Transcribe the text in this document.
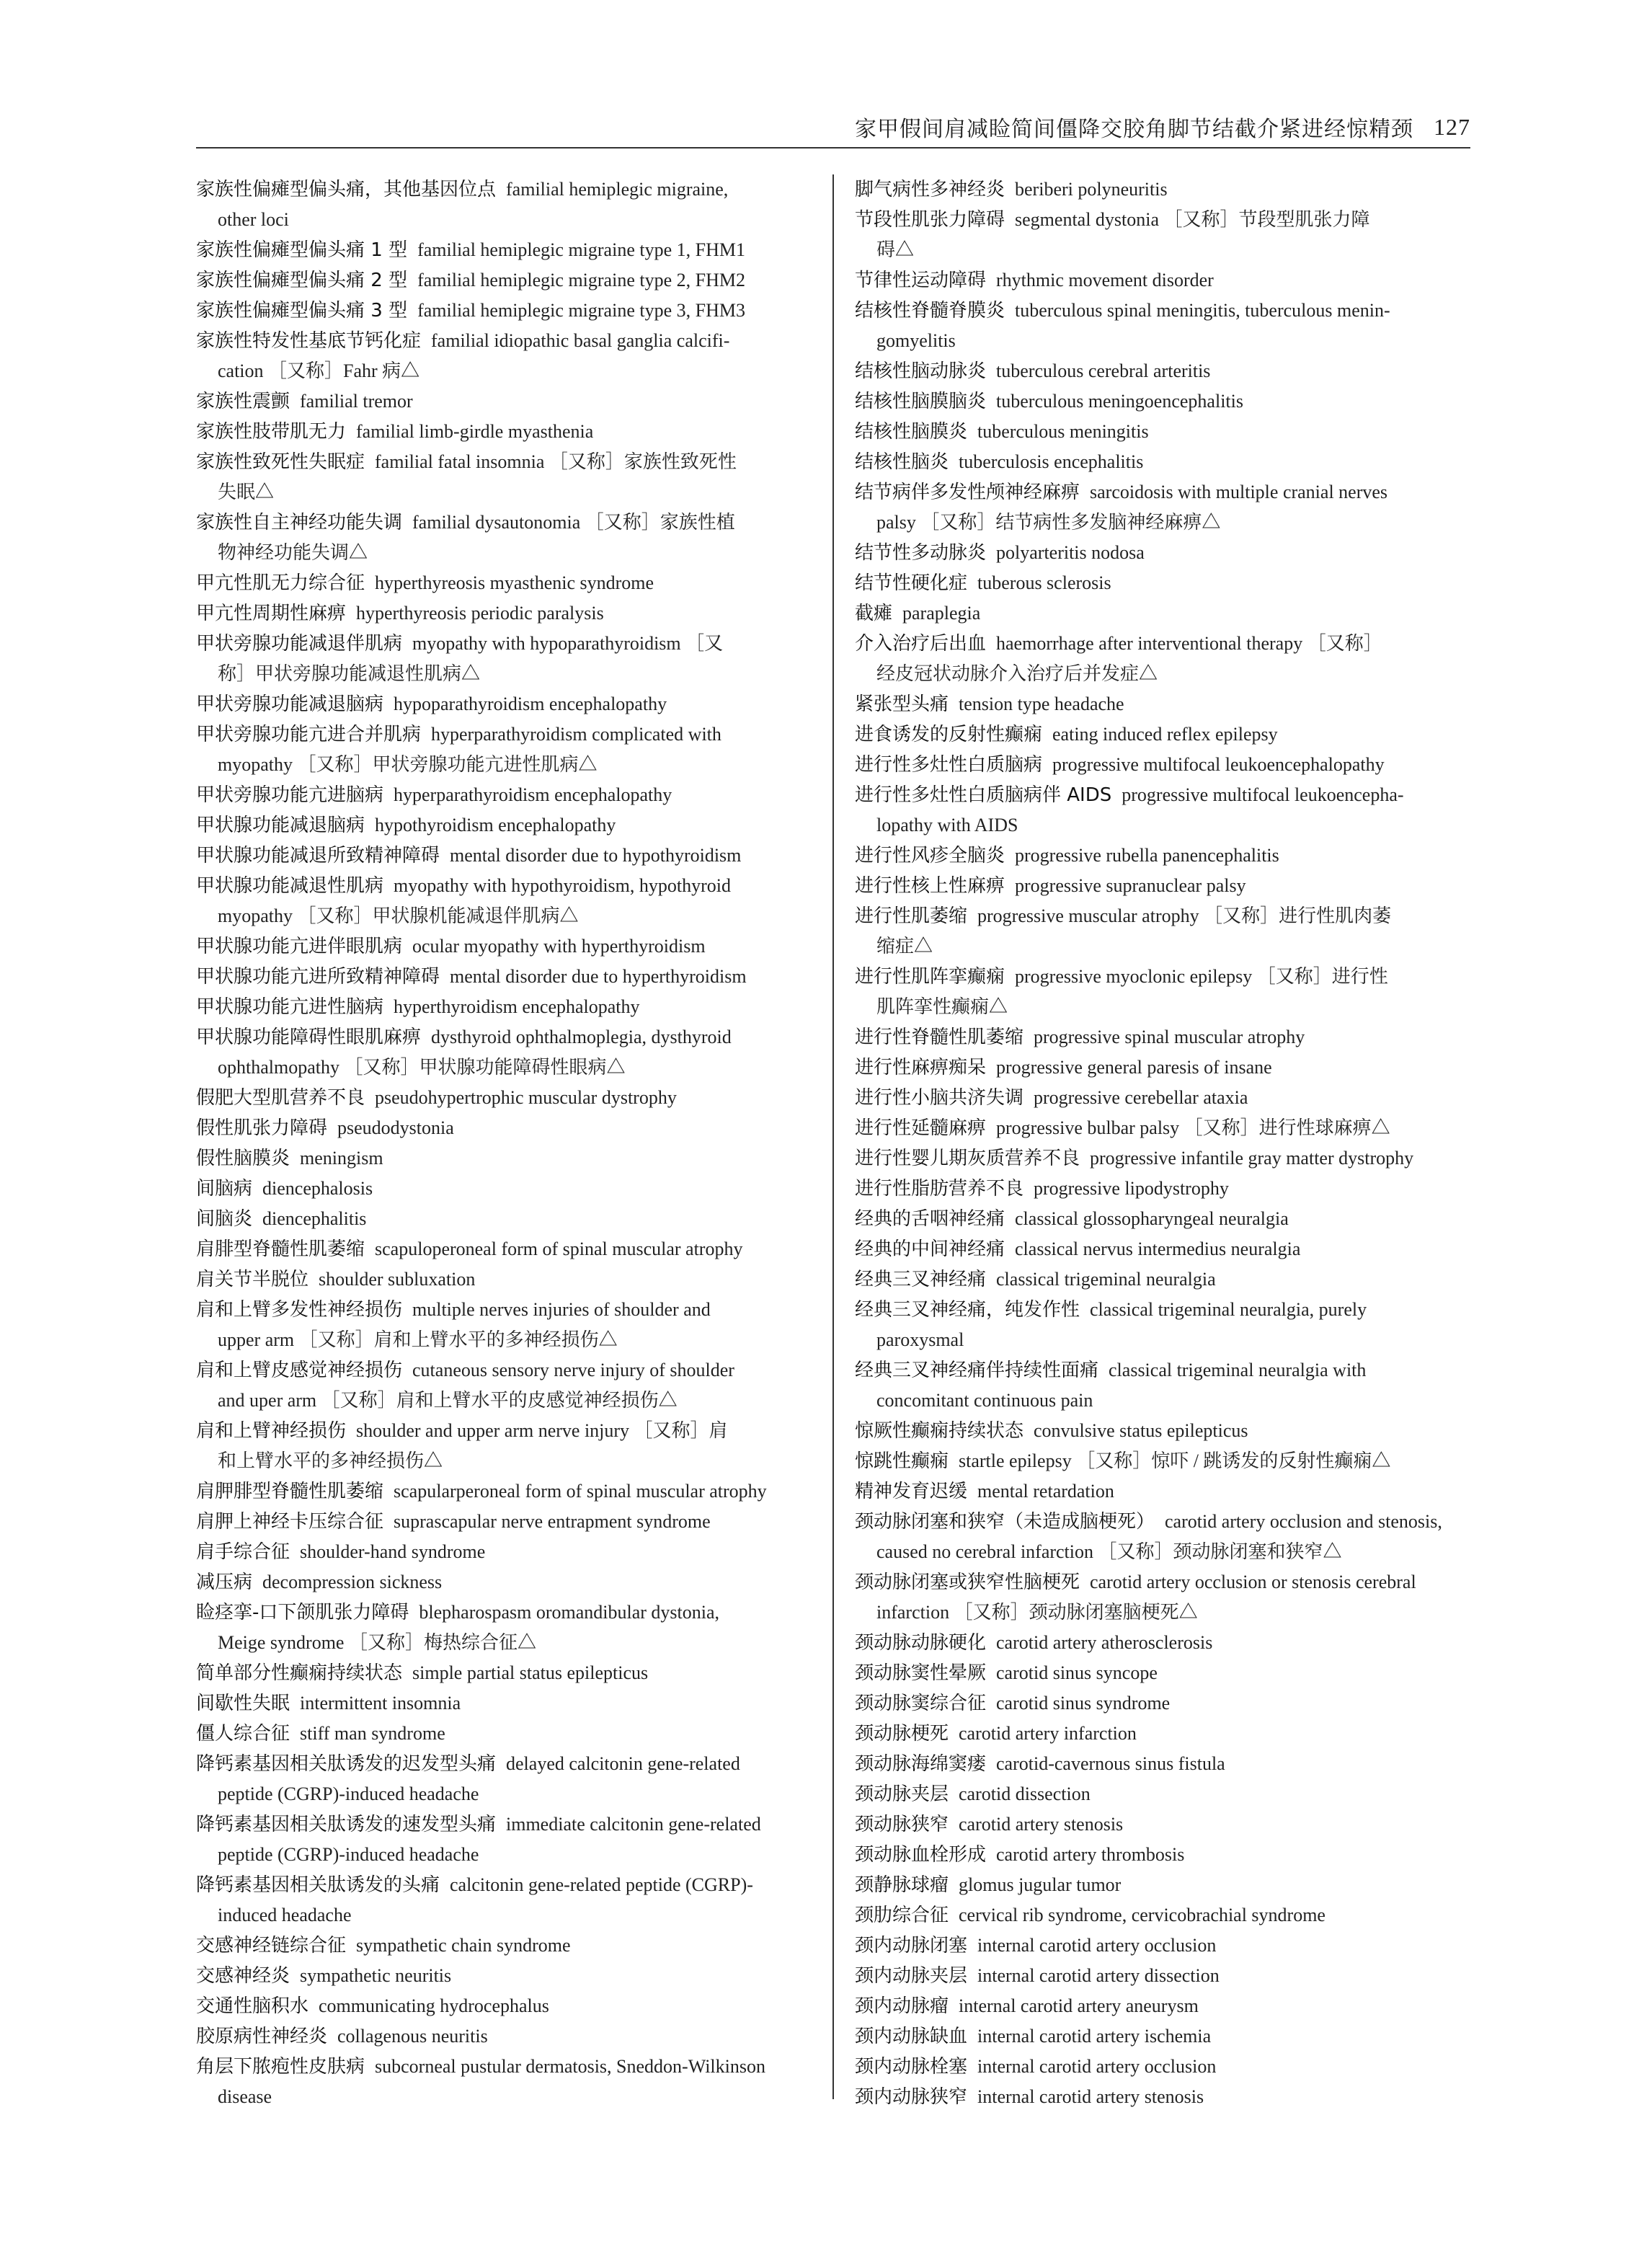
家甲假间肩减睑简间僵降交胶角脚节结截介紧进经惊精颈 127
家族性偏瘫型偏头痛，其他基因位点 familial hemiplegic migraine,
other loci
家族性偏瘫型偏头痛 1 型 familial hemiplegic migraine type 1, FHM1
家族性偏瘫型偏头痛 2 型 familial hemiplegic migraine type 2, FHM2
家族性偏瘫型偏头痛 3 型 familial hemiplegic migraine type 3, FHM3
家族性特发性基底节钙化症 familial idiopathic basal ganglia calcifi-
cation ［又称］Fahr 病△
家族性震颤 familial tremor
家族性肢带肌无力 familial limb-girdle myasthenia
家族性致死性失眠症 familial fatal insomnia ［又称］家族性致死性
失眠△
家族性自主神经功能失调 familial dysautonomia ［又称］家族性植
物神经功能失调△
甲亢性肌无力综合征 hyperthyreosis myasthenic syndrome
甲亢性周期性麻痹 hyperthyreosis periodic paralysis
甲状旁腺功能减退伴肌病 myopathy with hypoparathyroidism ［又
称］甲状旁腺功能减退性肌病△
甲状旁腺功能减退脑病 hypoparathyroidism encephalopathy
甲状旁腺功能亢进合并肌病 hyperparathyroidism complicated with
myopathy ［又称］甲状旁腺功能亢进性肌病△
甲状旁腺功能亢进脑病 hyperparathyroidism encephalopathy
甲状腺功能减退脑病 hypothyroidism encephalopathy
甲状腺功能减退所致精神障碍 mental disorder due to hypothyroidism
甲状腺功能减退性肌病 myopathy with hypothyroidism, hypothyroid
myopathy ［又称］甲状腺机能减退伴肌病△
甲状腺功能亢进伴眼肌病 ocular myopathy with hyperthyroidism
甲状腺功能亢进所致精神障碍 mental disorder due to hyperthyroidism
甲状腺功能亢进性脑病 hyperthyroidism encephalopathy
甲状腺功能障碍性眼肌麻痹 dysthyroid ophthalmoplegia, dysthyroid
ophthalmopathy ［又称］甲状腺功能障碍性眼病△
假肥大型肌营养不良 pseudohypertrophic muscular dystrophy
假性肌张力障碍 pseudodystonia
假性脑膜炎 meningism
间脑病 diencephalosis
间脑炎 diencephalitis
肩腓型脊髓性肌萎缩 scapuloperoneal form of spinal muscular atrophy
肩关节半脱位 shoulder subluxation
肩和上臂多发性神经损伤 multiple nerves injuries of shoulder and
upper arm ［又称］肩和上臂水平的多神经损伤△
肩和上臂皮感觉神经损伤 cutaneous sensory nerve injury of shoulder
and uper arm ［又称］肩和上臂水平的皮感觉神经损伤△
肩和上臂神经损伤 shoulder and upper arm nerve injury ［又称］肩
和上臂水平的多神经损伤△
肩胛腓型脊髓性肌萎缩 scapularperoneal form of spinal muscular atrophy
肩胛上神经卡压综合征 suprascapular nerve entrapment syndrome
肩手综合征 shoulder-hand syndrome
减压病 decompression sickness
睑痉挛-口下颌肌张力障碍 blepharospasm oromandibular dystonia,
Meige syndrome ［又称］梅热综合征△
简单部分性癫痫持续状态 simple partial status epilepticus
间歇性失眠 intermittent insomnia
僵人综合征 stiff man syndrome
降钙素基因相关肽诱发的迟发型头痛 delayed calcitonin gene-related
peptide (CGRP)-induced headache
降钙素基因相关肽诱发的速发型头痛 immediate calcitonin gene-related
peptide (CGRP)-induced headache
降钙素基因相关肽诱发的头痛 calcitonin gene-related peptide (CGRP)-
induced headache
交感神经链综合征 sympathetic chain syndrome
交感神经炎 sympathetic neuritis
交通性脑积水 communicating hydrocephalus
胶原病性神经炎 collagenous neuritis
角层下脓疱性皮肤病 subcorneal pustular dermatosis, Sneddon-Wilkinson
disease
脚气病性多神经炎 beriberi polyneuritis
节段性肌张力障碍 segmental dystonia ［又称］节段型肌张力障
碍△
节律性运动障碍 rhythmic movement disorder
结核性脊髓脊膜炎 tuberculous spinal meningitis, tuberculous menin-
gomyelitis
结核性脑动脉炎 tuberculous cerebral arteritis
结核性脑膜脑炎 tuberculous meningoencephalitis
结核性脑膜炎 tuberculous meningitis
结核性脑炎 tuberculosis encephalitis
结节病伴多发性颅神经麻痹 sarcoidosis with multiple cranial nerves
palsy ［又称］结节病性多发脑神经麻痹△
结节性多动脉炎 polyarteritis nodosa
结节性硬化症 tuberous sclerosis
截瘫 paraplegia
介入治疗后出血 haemorrhage after interventional therapy ［又称］
经皮冠状动脉介入治疗后并发症△
紧张型头痛 tension type headache
进食诱发的反射性癫痫 eating induced reflex epilepsy
进行性多灶性白质脑病 progressive multifocal leukoencephalopathy
进行性多灶性白质脑病伴 AIDS progressive multifocal leukoencepha-
lopathy with AIDS
进行性风疹全脑炎 progressive rubella panencephalitis
进行性核上性麻痹 progressive supranuclear palsy
进行性肌萎缩 progressive muscular atrophy ［又称］进行性肌肉萎
缩症△
进行性肌阵挛癫痫 progressive myoclonic epilepsy ［又称］进行性
肌阵挛性癫痫△
进行性脊髓性肌萎缩 progressive spinal muscular atrophy
进行性麻痹痴呆 progressive general paresis of insane
进行性小脑共济失调 progressive cerebellar ataxia
进行性延髓麻痹 progressive bulbar palsy ［又称］进行性球麻痹△
进行性婴儿期灰质营养不良 progressive infantile gray matter dystrophy
进行性脂肪营养不良 progressive lipodystrophy
经典的舌咽神经痛 classical glossopharyngeal neuralgia
经典的中间神经痛 classical nervus intermedius neuralgia
经典三叉神经痛 classical trigeminal neuralgia
经典三叉神经痛，纯发作性 classical trigeminal neuralgia, purely
paroxysmal
经典三叉神经痛伴持续性面痛 classical trigeminal neuralgia with
concomitant continuous pain
惊厥性癫痫持续状态 convulsive status epilepticus
惊跳性癫痫 startle epilepsy ［又称］惊吓 / 跳诱发的反射性癫痫△
精神发育迟缓 mental retardation
颈动脉闭塞和狭窄（未造成脑梗死） carotid artery occlusion and stenosis,
caused no cerebral infarction ［又称］颈动脉闭塞和狭窄△
颈动脉闭塞或狭窄性脑梗死 carotid artery occlusion or stenosis cerebral
infarction ［又称］颈动脉闭塞脑梗死△
颈动脉动脉硬化 carotid artery atherosclerosis
颈动脉窦性晕厥 carotid sinus syncope
颈动脉窦综合征 carotid sinus syndrome
颈动脉梗死 carotid artery infarction
颈动脉海绵窦瘘 carotid-cavernous sinus fistula
颈动脉夹层 carotid dissection
颈动脉狭窄 carotid artery stenosis
颈动脉血栓形成 carotid artery thrombosis
颈静脉球瘤 glomus jugular tumor
颈肋综合征 cervical rib syndrome, cervicobrachial syndrome
颈内动脉闭塞 internal carotid artery occlusion
颈内动脉夹层 internal carotid artery dissection
颈内动脉瘤 internal carotid artery aneurysm
颈内动脉缺血 internal carotid artery ischemia
颈内动脉栓塞 internal carotid artery occlusion
颈内动脉狭窄 internal carotid artery stenosis
